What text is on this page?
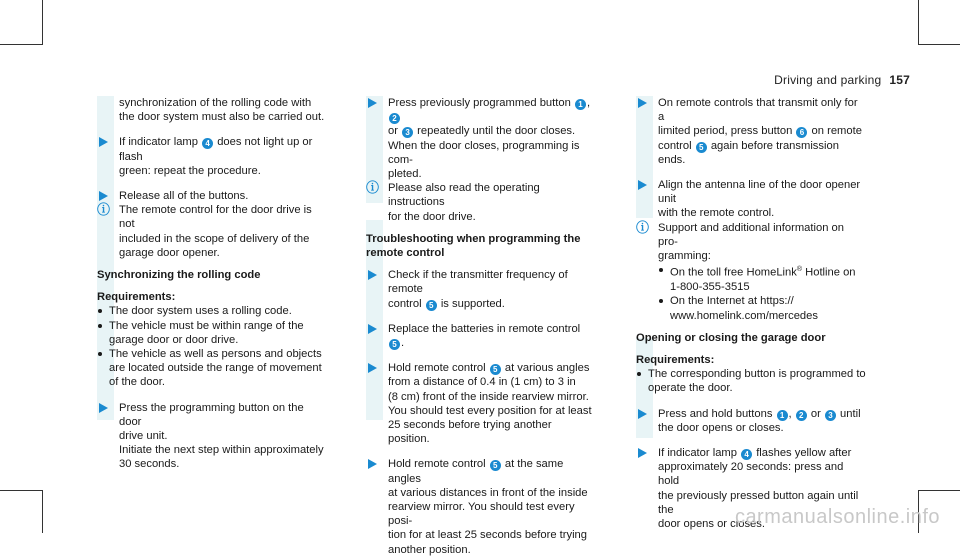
Driving and parking 157

synchronization of the rolling code with

the door system must also be carried out.

If indicator lamp 4 does not light up or flash

green: repeat the procedure.

Release all of the buttons.

ⓘ The remote control for the door drive is not

included in the scope of delivery of the

garage door opener.

Synchronizing the rolling code

Requirements:

The door system uses a rolling code.

The vehicle must be within range of the

garage door or door drive.

The vehicle as well as persons and objects

are located outside the range of movement

of the door.

Press the programming button on the door

drive unit.

Initiate the next step within approximately

30 seconds.

Press previously programmed button 1 , 2

or 3 repeatedly until the door closes.

When the door closes, programming is com-

pleted.

ⓘ Please also read the operating instructions

for the door drive.

Troubleshooting when programming the

remote control

Check if the transmitter frequency of remote

control 5 is supported.

Replace the batteries in remote control 5 .

Hold remote control 5 at various angles

from a distance of 0.4 in (1 cm) to 3 in

(8 cm) front of the inside rearview mirror.

You should test every position for at least

25 seconds before trying another position.

Hold remote control 5 at the same angles

at various distances in front of the inside

rearview mirror. You should test every posi-

tion for at least 25 seconds before trying

another position.

On remote controls that transmit only for a

limited period, press button 6 on remote

control 5 again before transmission ends.

Align the antenna line of the door opener unit

with the remote control.

ⓘ Support and additional information on pro-

gramming:

On the toll free HomeLink® Hotline on

1-800-355-3515

On the Internet at https://

www.homelink.com/mercedes

Opening or closing the garage door

Requirements:

The corresponding button is programmed to

operate the door.

Press and hold buttons 1 , 2 or 3 until

the door opens or closes.

If indicator lamp 4 flashes yellow after

approximately 20 seconds: press and hold

the previously pressed button again until the

door opens or closes.

carmanualsonline.info
